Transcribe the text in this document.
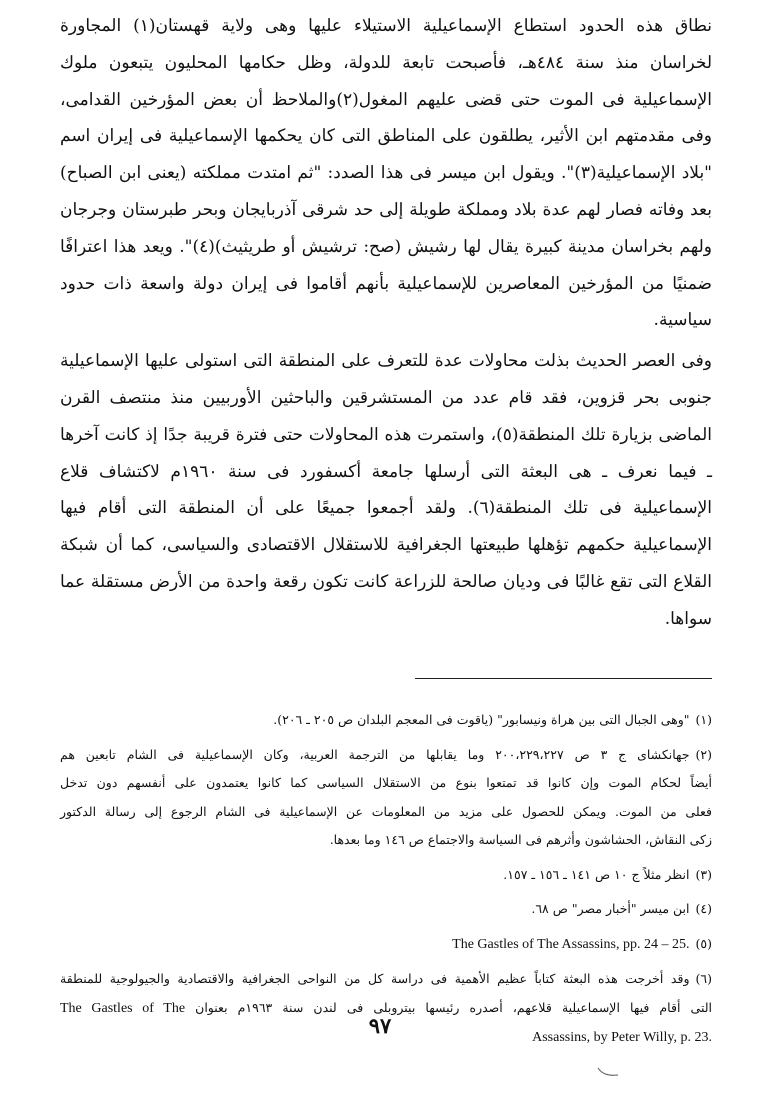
نطاق هذه الحدود استطاع الإسماعيلية الاستيلاء عليها وهى ولاية قهستان(١) المجاورة لخراسان منذ سنة ٤٨٤هـ، فأصبحت تابعة للدولة، وظل حكامها المحليون يتبعون ملوك الإسماعيلية فى الموت حتى قضى عليهم المغول(٢)والملاحظ أن بعض المؤرخين القدامى، وفى مقدمتهم ابن الأثير، يطلقون على المناطق التى كان يحكمها الإسماعيلية فى إيران اسم "بلاد الإسماعيلية(٣)". ويقول ابن ميسر فى هذا الصدد: "ثم امتدت مملكته (يعنى ابن الصباح) بعد وفاته فصار لهم عدة بلاد ومملكة طويلة إلى حد شرقى آذربايجان وبحر طبرستان وجرجان ولهم بخراسان مدينة كبيرة يقال لها رشيش (صح: ترشيش أو طريثيث)(٤)". ويعد هذا اعترافًا ضمنيًا من المؤرخين المعاصرين للإسماعيلية بأنهم أقاموا فى إيران دولة واسعة ذات حدود سياسية.

وفى العصر الحديث بذلت محاولات عدة للتعرف على المنطقة التى استولى عليها الإسماعيلية جنوبى بحر قزوين، فقد قام عدد من المستشرقين والباحثين الأوربيين منذ منتصف القرن الماضى بزيارة تلك المنطقة(٥)، واستمرت هذه المحاولات حتى فترة قريبة جدًا إذ كانت آخرها ـ فيما نعرف ـ هى البعثة التى أرسلها جامعة أكسفورد فى سنة ١٩٦٠م لاكتشاف قلاع الإسماعيلية فى تلك المنطقة(٦). ولقد أجمعوا جميعًا على أن المنطقة التى أقام فيها الإسماعيلية حكمهم تؤهلها طبيعتها الجغرافية للاستقلال الاقتصادى والسياسى، كما أن شبكة القلاع التى تقع غالبًا فى وديان صالحة للزراعة كانت تكون رقعة واحدة من الأرض مستقلة عما سواها.

(١)"وهى الجبال التى بين هراة ونيسابور" (ياقوت فى المعجم البلدان ص ٢٠٥ ـ ٢٠٦).

(٢)جهانكشاى ج ٣ ص ٢٠٠،٢٢٩،٢٢٧ وما يقابلها من الترجمة العربية، وكان الإسماعيلية فى الشام تابعين هم
أيضاً لحكام الموت وإن كانوا قد تمتعوا بنوع من الاستقلال السياسى كما كانوا يعتمدون على أنفسهم دون تدخل
فعلى من الموت. ويمكن للحصول على مزيد من المعلومات عن الإسماعيلية فى الشام الرجوع إلى رسالة الدكتور
زكى النقاش، الحشاشون وأثرهم فى السياسة والاجتماع ص ١٤٦ وما بعدها.

(٣)انظر مثلاً ج ١٠ ص ١٤١ ـ ١٥٦ ـ ١٥٧.

(٤)ابن ميسر "أخبار مصر" ص ٦٨.

(٥)The Gastles of The Assassins, pp. 24 – 25.

(٦)وقد أخرجت هذه البعثة كتاباً عظيم الأهمية فى دراسة كل من النواحى الجغرافية والاقتصادية والجيولوجية للمنطقة
التى أقام فيها الإسماعيلية قلاعهم، أصدره رئيسها بيتروبلى فى لندن سنة ١٩٦٣م بعنوان The Gastles of The
Assassins, by Peter Willy, p. 23.
٩٧
